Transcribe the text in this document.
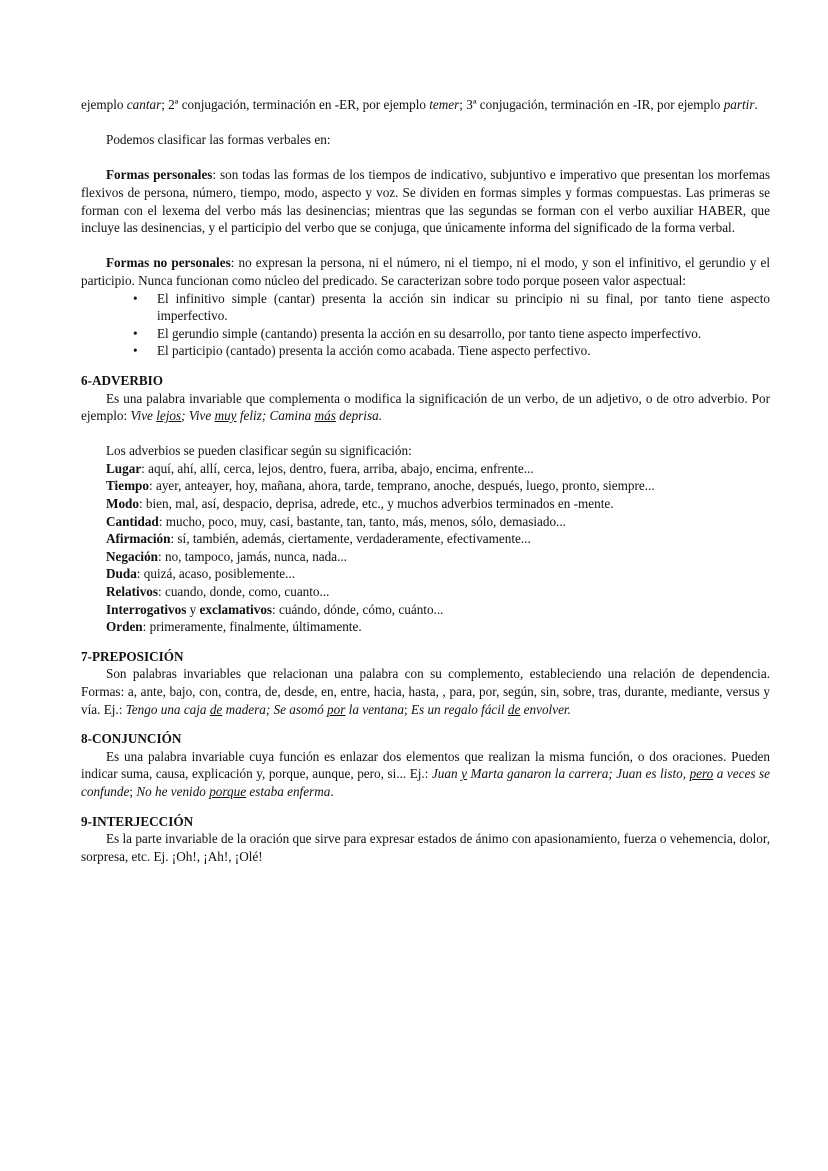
ejemplo cantar; 2ª conjugación, terminación en -ER, por ejemplo temer; 3ª conjugación, terminación en -IR, por ejemplo partir.

Podemos clasificar las formas verbales en:

Formas personales: son todas las formas de los tiempos de indicativo, subjuntivo e imperativo que presentan los morfemas flexivos de persona, número, tiempo, modo, aspecto y voz. Se dividen en formas simples y formas compuestas. Las primeras se forman con el lexema del verbo más las desinencias; mientras que las segundas se forman con el verbo auxiliar HABER, que incluye las desinencias, y el participio del verbo que se conjuga, que únicamente informa del significado de la forma verbal.

Formas no personales: no expresan la persona, ni el número, ni el tiempo, ni el modo, y son el infinitivo, el gerundio y el participio. Nunca funcionan como núcleo del predicado. Se caracterizan sobre todo porque poseen valor aspectual:

• El infinitivo simple (cantar) presenta la acción sin indicar su principio ni su final, por tanto tiene aspecto imperfectivo.
• El gerundio simple (cantando) presenta la acción en su desarrollo, por tanto tiene aspecto imperfectivo.
• El participio (cantado) presenta la acción como acabada. Tiene aspecto perfectivo.
6-ADVERBIO

Es una palabra invariable que complementa o modifica la significación de un verbo, de un adjetivo, o de otro adverbio. Por ejemplo: Vive lejos; Vive muy feliz; Camina más deprisa.

Los adverbios se pueden clasificar según su significación:

Lugar: aquí, ahí, allí, cerca, lejos, dentro, fuera, arriba, abajo, encima, enfrente...
Tiempo: ayer, anteayer, hoy, mañana, ahora, tarde, temprano, anoche, después, luego, pronto, siempre...
Modo: bien, mal, así, despacio, deprisa, adrede, etc., y muchos adverbios terminados en -mente.
Cantidad: mucho, poco, muy, casi, bastante, tan, tanto, más, menos, sólo, demasiado...
Afirmación: sí, también, además, ciertamente, verdaderamente, efectivamente...
Negación: no, tampoco, jamás, nunca, nada...
Duda: quizá, acaso, posiblemente...
Relativos: cuando, donde, como, cuanto...
Interrogativos y exclamativos: cuándo, dónde, cómo, cuánto...
Orden: primeramente, finalmente, últimamente.
7-PREPOSICIÓN

Son palabras invariables que relacionan una palabra con su complemento, estableciendo una relación de dependencia. Formas: a, ante, bajo, con, contra, de, desde, en, entre, hacia, hasta, , para, por, según, sin, sobre, tras, durante, mediante, versus y vía. Ej.: Tengo una caja de madera; Se asomó por la ventana; Es un regalo fácil de envolver.

8-CONJUNCIÓN

Es una palabra invariable cuya función es enlazar dos elementos que realizan la misma función, o dos oraciones. Pueden indicar suma, causa, explicación y, porque, aunque, pero, si... Ej.: Juan y Marta ganaron la carrera; Juan es listo, pero a veces se confunde; No he venido porque estaba enferma.

9-INTERJECCIÓN

Es la parte invariable de la oración que sirve para expresar estados de ánimo con apasionamiento, fuerza o vehemencia, dolor, sorpresa, etc. Ej. ¡Oh!, ¡Ah!, ¡Olé!
